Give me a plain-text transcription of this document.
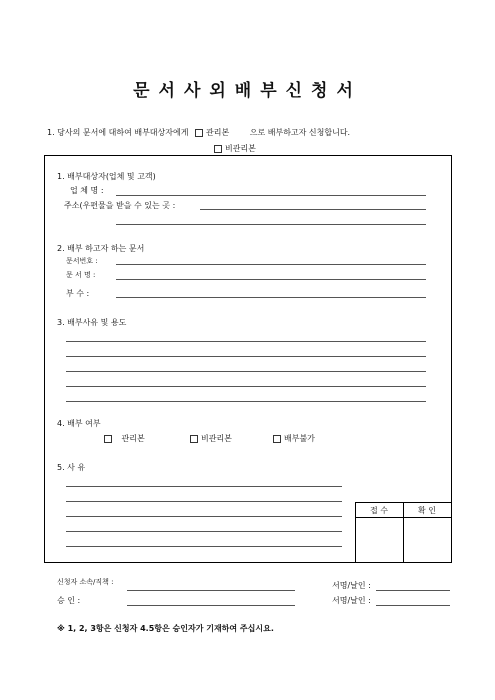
문서사외배부신청서
1. 당사의 문서에 대하여 배부대상자에게 관리본	으로 배부하고자 신청합니다.
비관리본
1. 배부대상자(업체 및 고객)
업 체 명 :
주소(우편물을 받을 수 있는 곳 :
2. 배부 하고자 하는 문서
문서번호 :
문 서 명 :
부 수 :
3. 배부사유 및 용도
4. 배부 여부
관리본	비관리본	배부불가
5. 사 유
접 수	확 인
신청자 소속/직책 :	서명/날인 :
승 인 :	서명/날인 :
※ 1, 2, 3항은 신청자 4.5항은 승인자가 기재하여 주십시요.
